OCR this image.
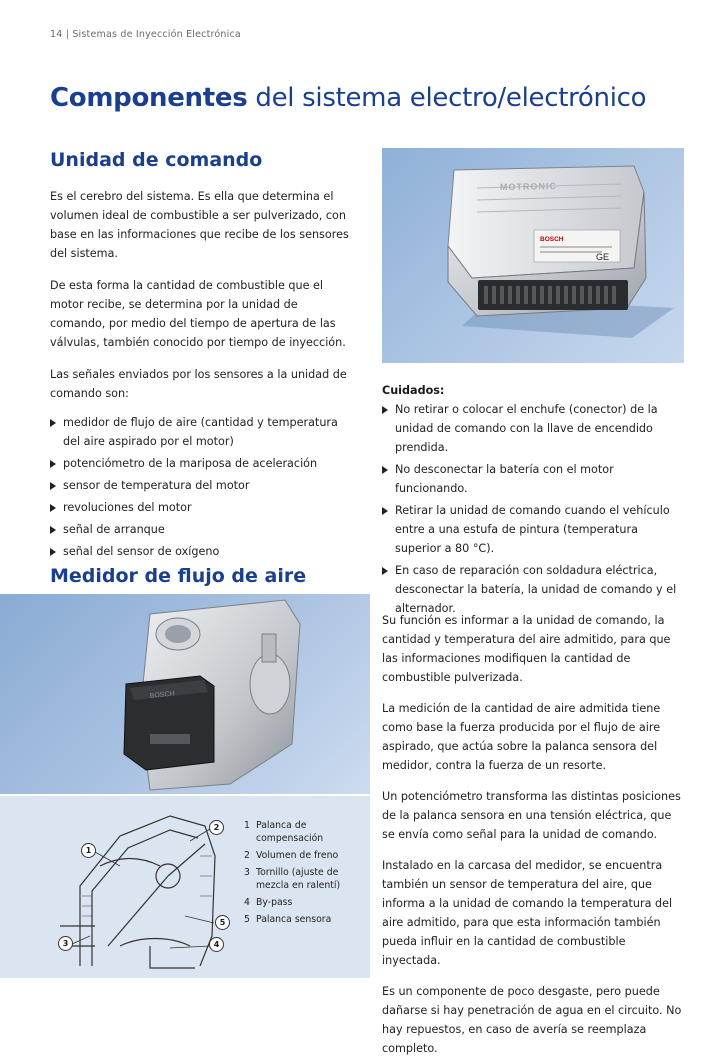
14 | Sistemas de Inyección Electrónica
Componentes del sistema electro/electrónico
Unidad de comando

Es el cerebro del sistema. Es ella que determina el volumen ideal de combustible a ser pulverizado, con base en las informaciones que recibe de los sensores del sistema.

De esta forma la cantidad de combustible que el motor recibe, se determina por la unidad de comando, por medio del tiempo de apertura de las válvulas, también conocido por tiempo de inyección.

Las señales enviados por los sensores a la unidad de comando son:

medidor de flujo de aire (cantidad y temperatura del aire aspirado por el motor)
potenciómetro de la mariposa de aceleración
sensor de temperatura del motor
revoluciones del motor
señal de arranque
señal del sensor de oxígeno
BOSCH
GE
MOTRONIC
Cuidados:
No retirar o colocar el enchufe (conector) de la unidad de comando con la llave de encendido prendida.
No desconectar la batería con el motor funcionando.
Retirar la unidad de comando cuando el vehículo entre a una estufa de pintura (temperatura superior a 80 °C).
En caso de reparación con soldadura eléctrica, desconectar la batería, la unidad de comando y el alternador.
Medidor de flujo de aire
BOSCH
1
2
3	4
5
1 Palanca de compensación
2 Volumen de freno
3 Tornillo (ajuste de mezcla en ralentí)
4 By-pass
5 Palanca sensora

Su función es informar a la unidad de comando, la cantidad y temperatura del aire admitido, para que las informaciones modifiquen la cantidad de combustible pulverizada.

La medición de la cantidad de aire admitida tiene como base la fuerza producida por el flujo de aire aspirado, que actúa sobre la palanca sensora del medidor, contra la fuerza de un resorte.

Un potenciómetro transforma las distintas posiciones de la palanca sensora en una tensión eléctrica, que se envía como señal para la unidad de comando.

Instalado en la carcasa del medidor, se encuentra también un sensor de temperatura del aire, que informa a la unidad de comando la temperatura del aire admitido, para que esta información también pueda influir en la cantidad de combustible inyectada.

Es un componente de poco desgaste, pero puede dañarse si hay penetración de agua en el circuito. No hay repuestos, en caso de avería se reemplaza completo.
